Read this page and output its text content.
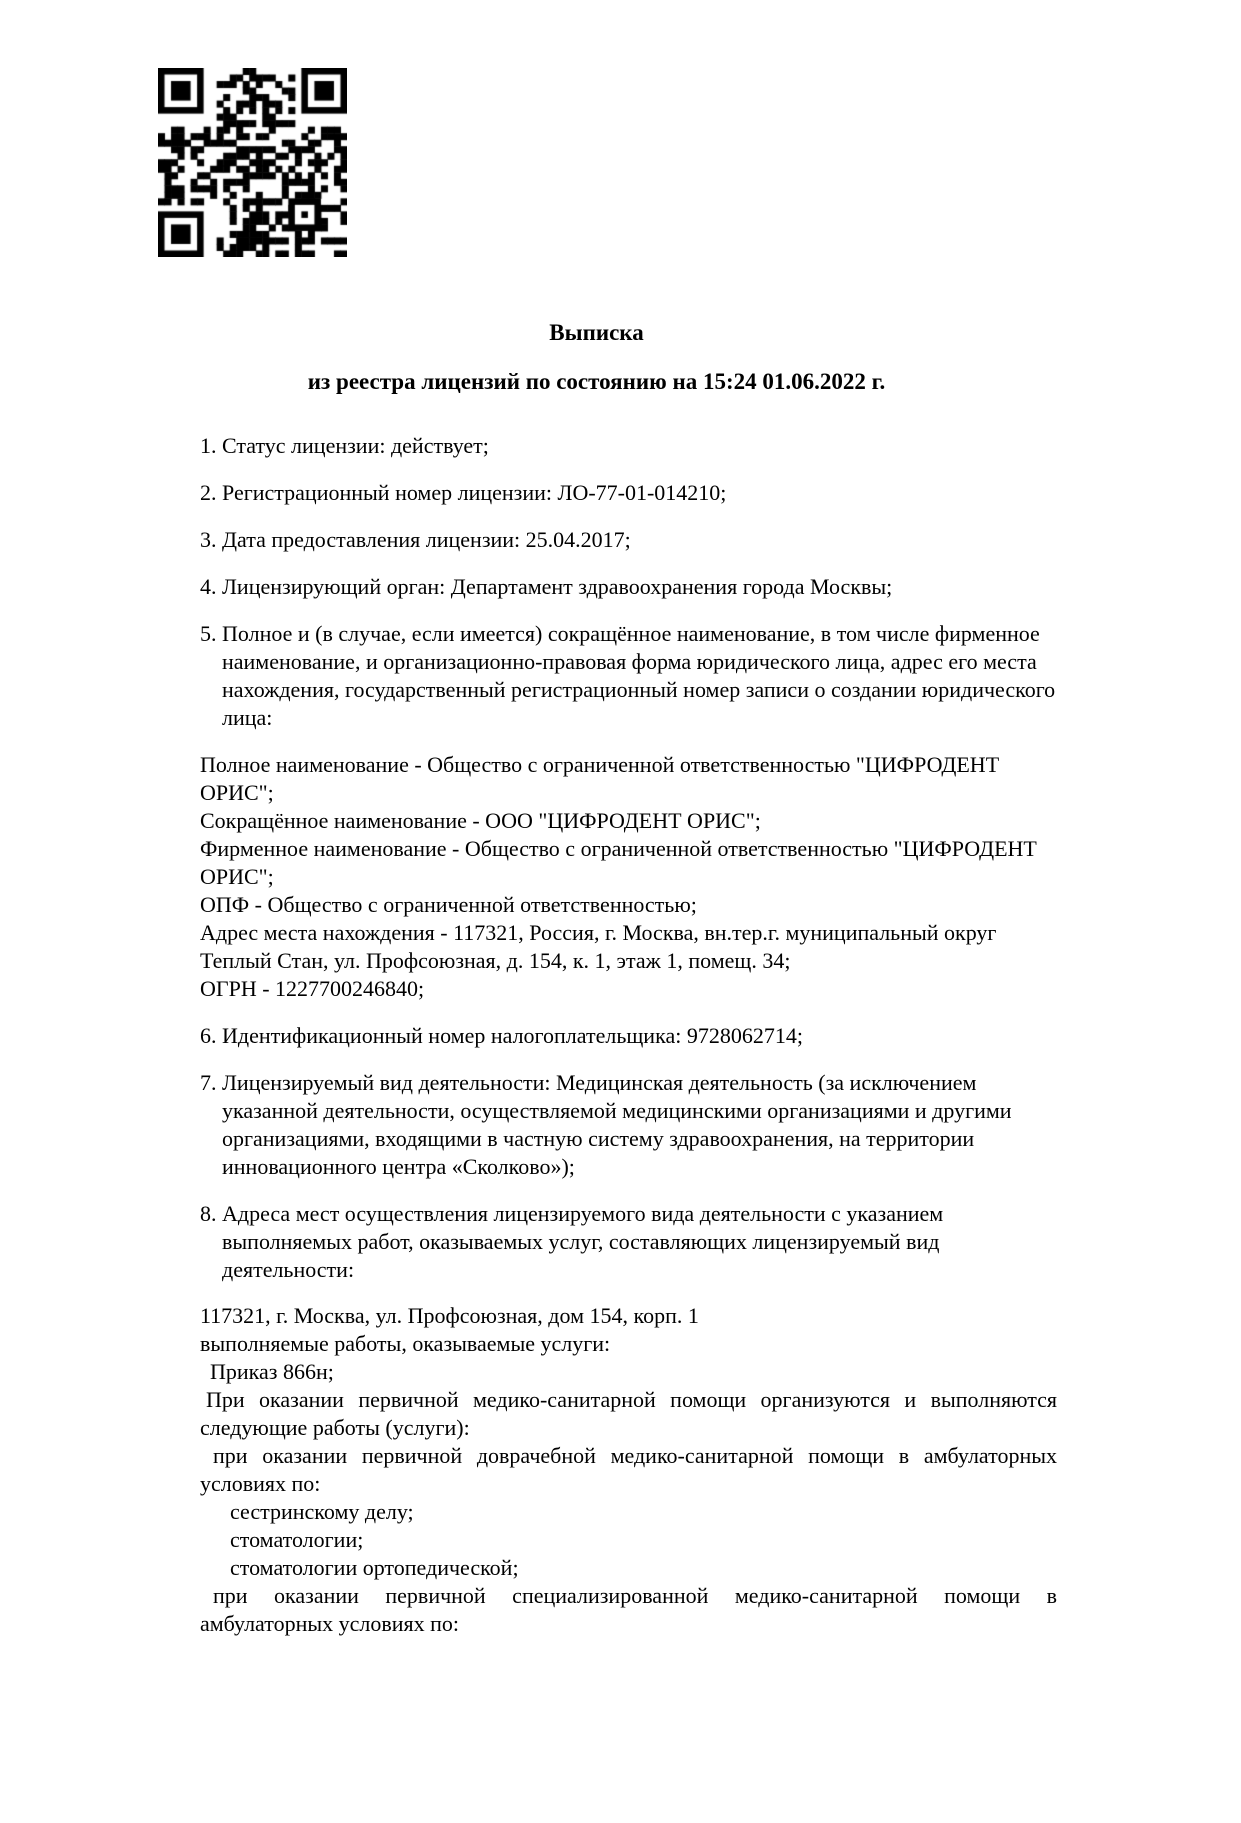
Выписка
из реестра лицензий по состоянию на 15:24 01.06.2022 г.
1. Статус лицензии: действует;
2. Регистрационный номер лицензии: ЛО-77-01-014210;
3. Дата предоставления лицензии: 25.04.2017;
4. Лицензирующий орган: Департамент здравоохранения города Москвы;
5. Полное и (в случае, если имеется) сокращённое наименование, в том числе фирменное наименование, и организационно-правовая форма юридического лица, адрес его места нахождения, государственный регистрационный номер записи о создании юридического лица:
Полное наименование - Общество с ограниченной ответственностью "ЦИФРОДЕНТ ОРИС";
Сокращённое наименование - ООО "ЦИФРОДЕНТ ОРИС";
Фирменное наименование - Общество с ограниченной ответственностью "ЦИФРОДЕНТ ОРИС";
ОПФ - Общество с ограниченной ответственностью;
Адрес места нахождения - 117321, Россия, г. Москва, вн.тер.г. муниципальный округ Теплый Стан, ул. Профсоюзная, д. 154, к. 1, этаж 1, помещ. 34;
ОГРН - 1227700246840;
6. Идентификационный номер налогоплательщика: 9728062714;
7. Лицензируемый вид деятельности: Медицинская деятельность (за исключением указанной деятельности, осуществляемой медицинскими организациями и другими организациями, входящими в частную систему здравоохранения, на территории инновационного центра «Сколково»);
8. Адреса мест осуществления лицензируемого вида деятельности с указанием выполняемых работ, оказываемых услуг, составляющих лицензируемый вид деятельности:
117321, г. Москва, ул. Профсоюзная, дом 154, корп. 1
выполняемые работы, оказываемые услуги:
Приказ 866н;
При оказании первичной медико-санитарной помощи организуются и выполняются следующие работы (услуги):
при оказании первичной доврачебной медико-санитарной помощи в амбулаторных условиях по:
сестринскому делу;
стоматологии;
стоматологии ортопедической;
при оказании первичной специализированной медико-санитарной помощи в амбулаторных условиях по:
